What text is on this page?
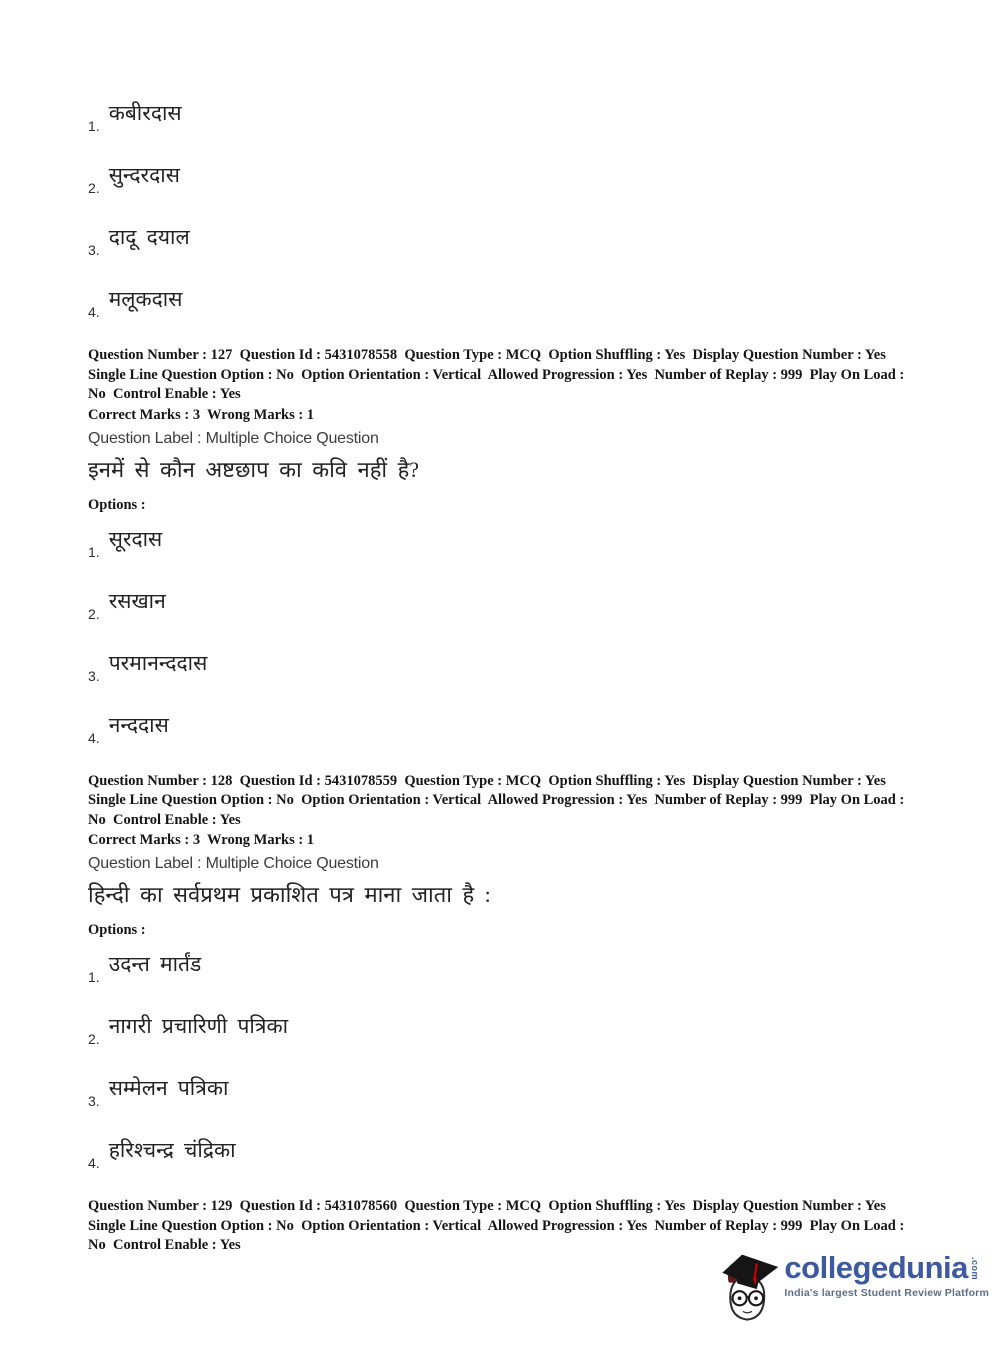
1.
कबीरदास
2.
सुन्दरदास
3.
दादू दयाल
4.
मलूकदास
Question Number : 127  Question Id : 5431078558  Question Type : MCQ  Option Shuffling : Yes  Display Question Number : Yes
Single Line Question Option : No  Option Orientation : Vertical  Allowed Progression : Yes  Number of Replay : 999  Play On Load :
No  Control Enable : Yes
Correct Marks : 3  Wrong Marks : 1
Question Label : Multiple Choice Question
इनमें से कौन अष्टछाप का कवि नहीं है?
Options :
1.
सूरदास
2.
रसखान
3.
परमानन्ददास
4.
नन्ददास
Question Number : 128  Question Id : 5431078559  Question Type : MCQ  Option Shuffling : Yes  Display Question Number : Yes
Single Line Question Option : No  Option Orientation : Vertical  Allowed Progression : Yes  Number of Replay : 999  Play On Load :
No  Control Enable : Yes
Correct Marks : 3  Wrong Marks : 1
Question Label : Multiple Choice Question
हिन्दी का सर्वप्रथम प्रकाशित पत्र माना जाता है :
Options :
1.
उदन्त मार्तंड
2.
नागरी प्रचारिणी पत्रिका
3.
सम्मेलन पत्रिका
4.
हरिश्चन्द्र चंद्रिका
Question Number : 129  Question Id : 5431078560  Question Type : MCQ  Option Shuffling : Yes  Display Question Number : Yes
Single Line Question Option : No  Option Orientation : Vertical  Allowed Progression : Yes  Number of Replay : 999  Play On Load :
No  Control Enable : Yes
collegedunia .com
India's largest Student Review Platform
